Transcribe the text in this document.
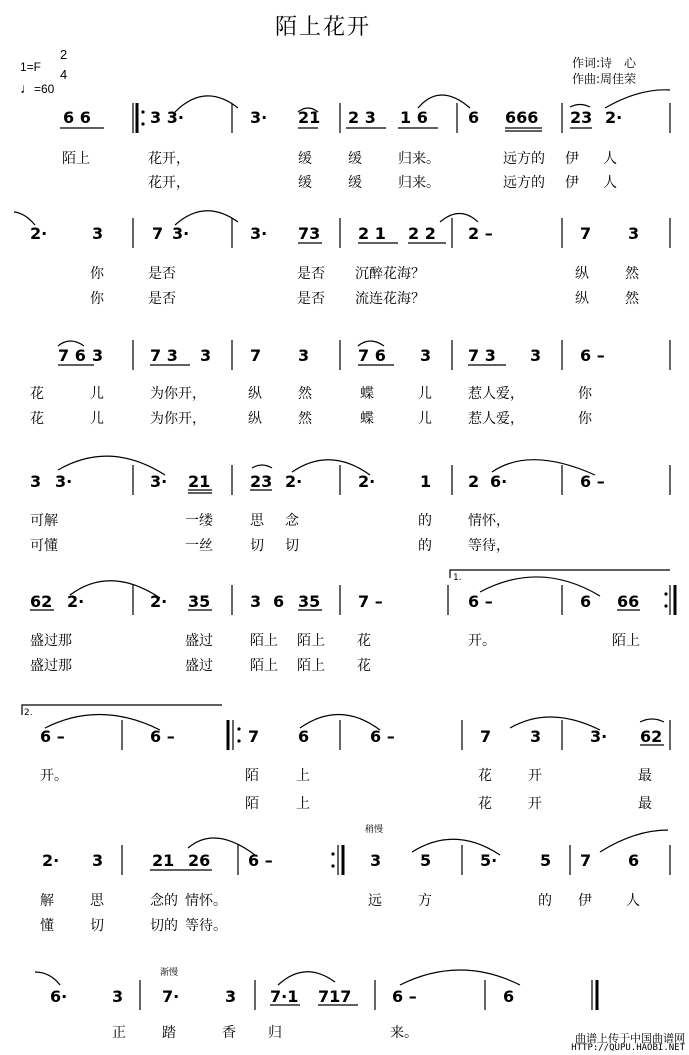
陌上花开
1=F
2
4
♩=60
作词:诗　心
作曲:周佳荣
1.
2.
稍慢
渐慢
6 6	3 3·	3· 21 2 3 1 6	6 666 23 2·
陌上	花开，	缓	缓	归来。	远方的 伊 人
花开，	缓	缓	归来。	远方的 伊 人
2·	3	7 3·	3· 73 2 1 2 2 2 –	7 3
你	是否	是否 沉醉花海？	纵	然
你	是否	是否 流连花海？	纵	然
7 6 3	7 3 3 7 3	7 6 3 7 3 3 6 –
花	儿	为你开，	纵	然	蝶	儿	惹人爱，	你
花	儿	为你开，	纵	然	蝶	儿	惹人爱，	你
3 3·	3· 21 23 2·	2·	1 2 6·	6 –
可解	一缕	思 念	的	情怀，
可懂	一丝	切 切	的	等待，
62 2·	2· 35 3 6 35 7 –	6 –	6 66
盛过那	盛过	陌上 陌上 花	开。	陌上
盛过那	盛过	陌上 陌上 花
6 –	6 –	7 6	6 –	7 3	3· 62
开。	陌	上	花	开	最
陌	上	花	开	最
2· 3	21 26 6 –	3 5	5·	5 7 6
解	思	念的 情怀。	远	方	的 伊 人
懂	切	切的 等待。
6·	3 7·	3 7·1 717	6 –	6
正	踏	香 归	来。	曲谱上传于中国曲谱网
HTTP://QUPU.HAOBI.NET
